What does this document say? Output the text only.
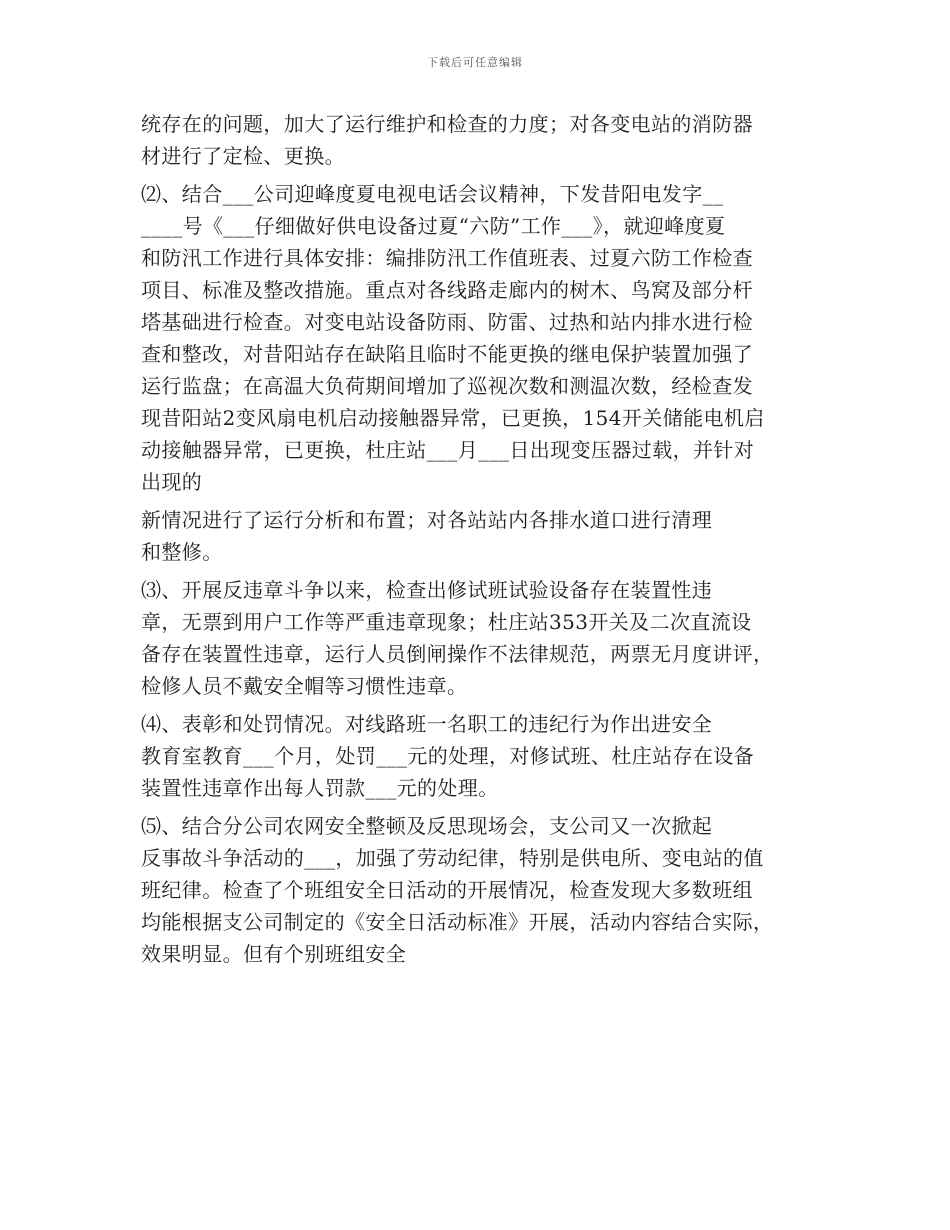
下载后可任意编辑

统存在的问题，加大了运行维护和检查的力度；对各变电站的消防器
材进行了定检、更换。

⑵、结合___公司迎峰度夏电视电话会议精神，下发昔阳电发字__
____号《___仔细做好供电设备过夏“六防”工作___》，就迎峰度夏
和防汛工作进行具体安排：编排防汛工作值班表、过夏六防工作检查
项目、标准及整改措施。重点对各线路走廊内的树木、鸟窝及部分杆
塔基础进行检查。对变电站设备防雨、防雷、过热和站内排水进行检
查和整改，对昔阳站存在缺陷且临时不能更换的继电保护装置加强了
运行监盘；在高温大负荷期间增加了巡视次数和测温次数，经检查发
现昔阳站2变风扇电机启动接触器异常，已更换，154开关储能电机启
动接触器异常，已更换，杜庄站___月___日出现变压器过载，并针对
出现的

新情况进行了运行分析和布置；对各站站内各排水道口进行清理
和整修。

⑶、开展反违章斗争以来，检查出修试班试验设备存在装置性违
章，无票到用户工作等严重违章现象；杜庄站353开关及二次直流设
备存在装置性违章，运行人员倒闸操作不法律规范，两票无月度讲评，
检修人员不戴安全帽等习惯性违章。

⑷、表彰和处罚情况。对线路班一名职工的违纪行为作出进安全
教育室教育___个月，处罚___元的处理，对修试班、杜庄站存在设备
装置性违章作出每人罚款___元的处理。

⑸、结合分公司农网安全整顿及反思现场会，支公司又一次掀起
反事故斗争活动的___，加强了劳动纪律，特别是供电所、变电站的值
班纪律。检查了个班组安全日活动的开展情况，检查发现大多数班组
均能根据支公司制定的《安全日活动标准》开展，活动内容结合实际，
效果明显。但有个别班组安全
